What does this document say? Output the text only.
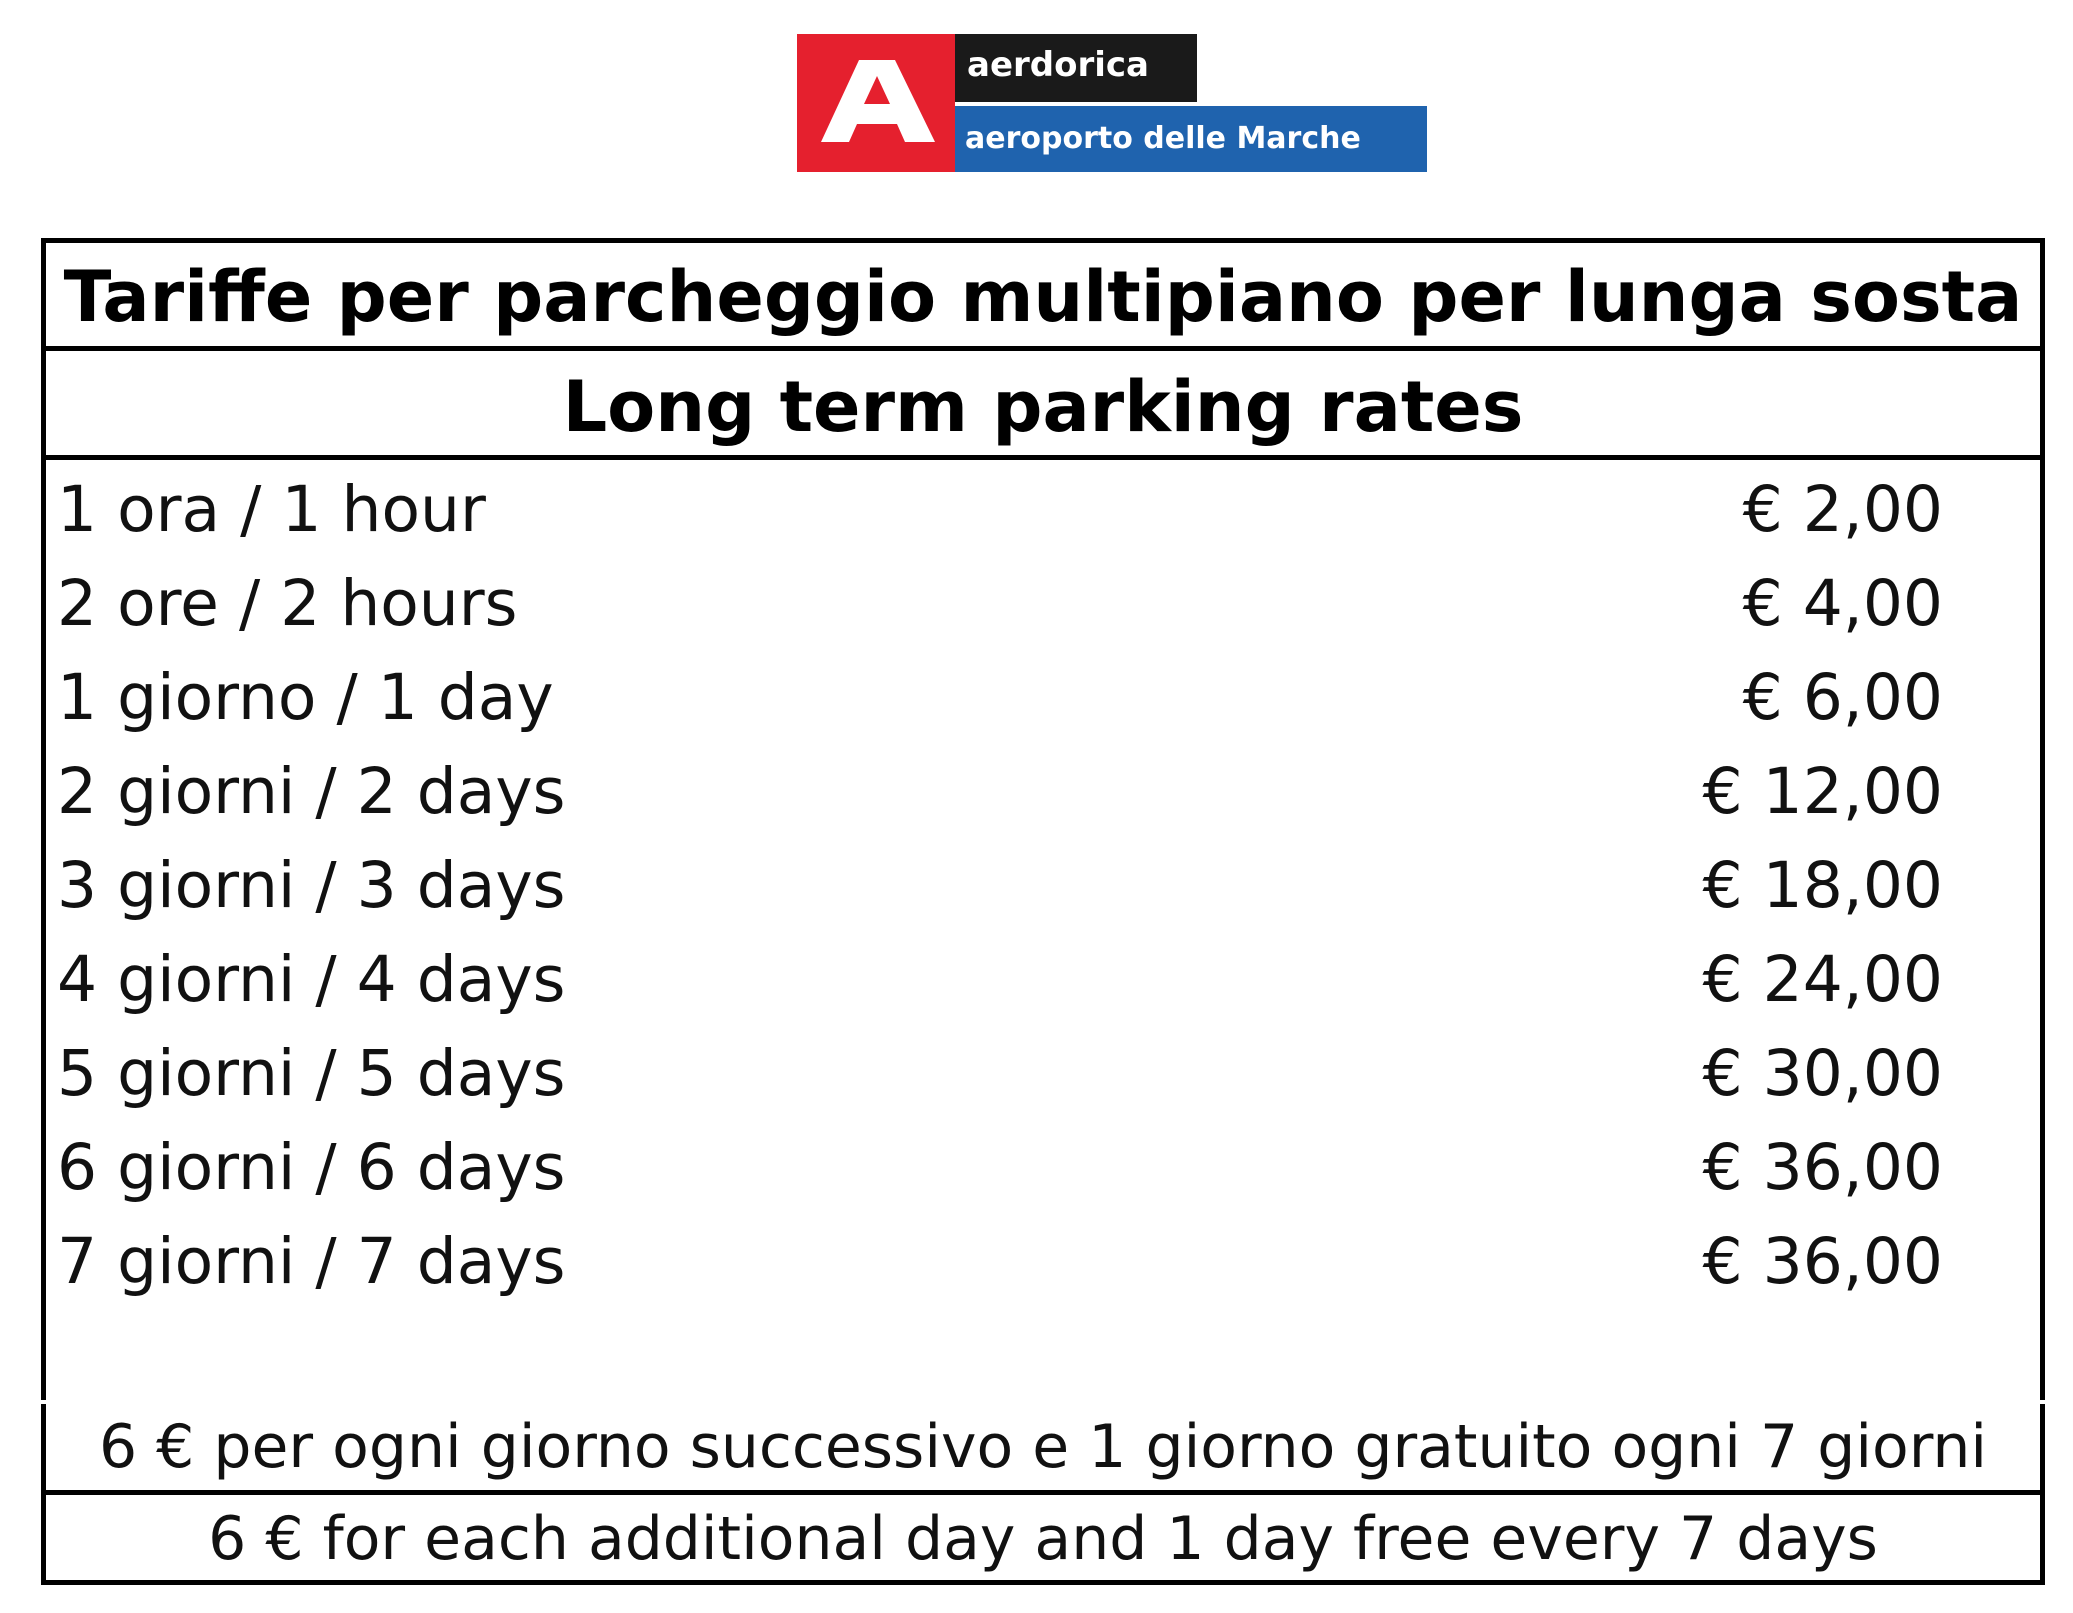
aerdorica
aeroporto delle Marche
Tariffe per parcheggio multipiano per lunga sosta
Long term parking rates
1 ora / 1 hour	€ 2,00
2 ore / 2 hours	€ 4,00
1 giorno / 1 day	€ 6,00
2 giorni / 2 days	€ 12,00
3 giorni / 3 days	€ 18,00
4 giorni / 4 days	€ 24,00
5 giorni / 5 days	€ 30,00
6 giorni / 6 days	€ 36,00
7 giorni / 7 days	€ 36,00
6 € per ogni giorno successivo e 1 giorno gratuito ogni 7 giorni
6 € for each additional day and 1 day free every 7 days
